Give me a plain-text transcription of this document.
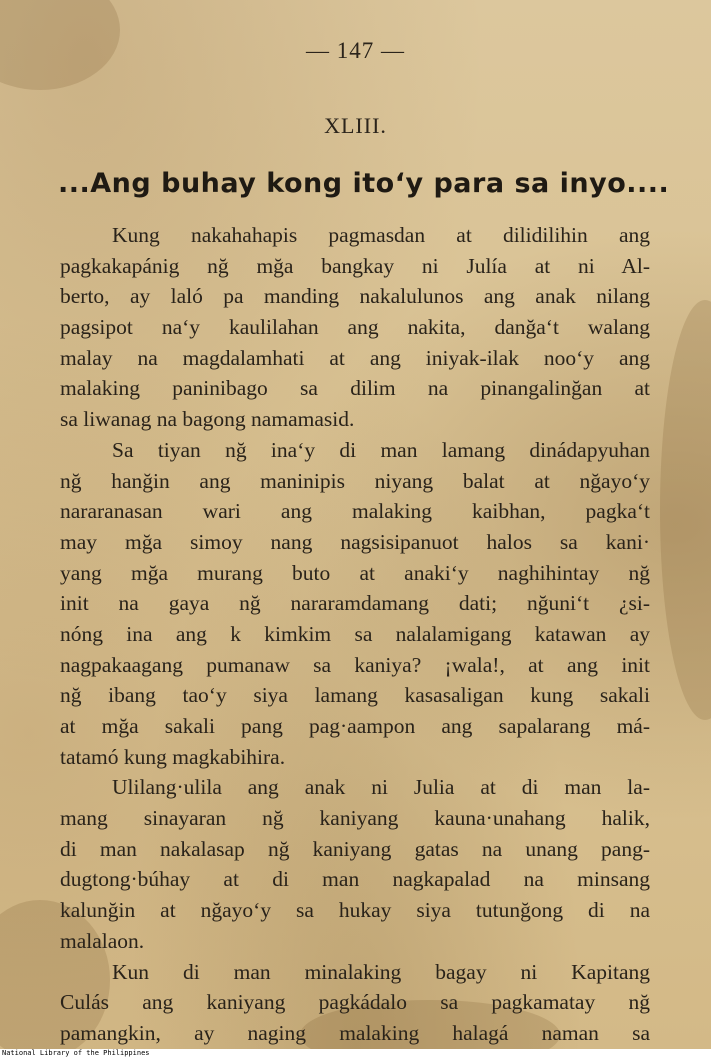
— 147 —
XLIII.
...Ang buhay kong ito‘y para sa inyo....
Kung nakahahapis pagmasdan at dilidilihin ang
pagkakapánig nğ mğa bangkay ni Julía at ni Al-
berto, ay laló pa manding nakalulunos ang anak nilang
pagsipot na‘y kaulilahan ang nakita, danğa‘t walang
malay na magdalamhati at ang iniyak-ilak noo‘y ang
malaking paninibago sa dilim na pinangalinğan at
sa liwanag na bagong namamasid.
Sa tiyan nğ ina‘y di man lamang dinádapyuhan
nğ hanğin ang maninipis niyang balat at nğayo‘y
nararanasan wari ang malaking kaibhan, pagka‘t
may mğa simoy nang nagsisipanuot halos sa kani·
yang mğa murang buto at anaki‘y naghihintay nğ
init na gaya nğ nararamdamang dati; nğuni‘t ¿si-
nóng ina ang k kimkim sa nalalamigang katawan ay
nagpakaagang pumanaw sa kaniya? ¡wala!, at ang init
nğ ibang tao‘y siya lamang kasasaligan kung sakali
at mğa sakali pang pag·aampon ang sapalarang má-
tatamó kung magkabihira.
Ulilang·ulila ang anak ni Julia at di man la-
mang sinayaran nğ kaniyang kauna·unahang halik,
di man nakalasap nğ kaniyang gatas na unang pang-
dugtong·búhay at di man nagkapalad na minsang
kalunğin at nğayo‘y sa hukay siya tutunğong di na
malalaon.
Kun di man minalaking bagay ni Kapitang
Culás ang kaniyang pagkádalo sa pagkamatay nğ
pamangkin, ay naging malaking halagá naman sa
National Library of the Philippines
